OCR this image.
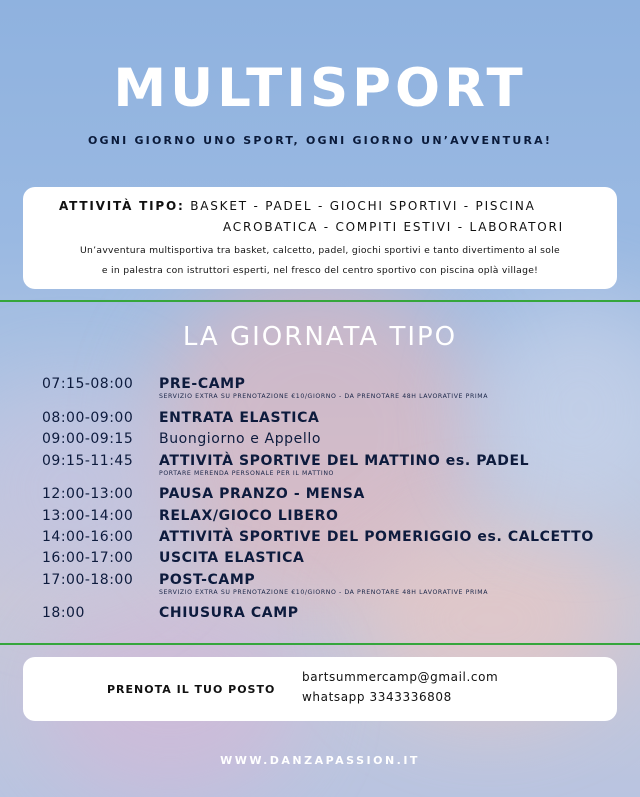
MULTISPORT

OGNI GIORNO UNO SPORT, OGNI GIORNO UN’AVVENTURA!

ATTIVITÀ TIPO: BASKET - PADEL - GIOCHI SPORTIVI - PISCINA
ACROBATICA - COMPITI ESTIVI - LABORATORI
Un’avventura multisportiva tra basket, calcetto, padel, giochi sportivi e tanto divertimento al sole
e in palestra con istruttori esperti, nel fresco del centro sportivo con piscina oplà village!
LA GIORNATA TIPO
07:15-08:00	PRE-CAMP
SERVIZIO EXTRA SU PRENOTAZIONE €10/GIORNO - DA PRENOTARE 48H LAVORATIVE PRIMA
08:00-09:00	ENTRATA ELASTICA
09:00-09:15	Buongiorno e Appello
09:15-11:45	ATTIVITÀ SPORTIVE DEL MATTINO es. PADEL
PORTARE MERENDA PERSONALE PER IL MATTINO
12:00-13:00	PAUSA PRANZO - MENSA
13:00-14:00	RELAX/GIOCO LIBERO
14:00-16:00	ATTIVITÀ SPORTIVE DEL POMERIGGIO es. CALCETTO
16:00-17:00	USCITA ELASTICA
17:00-18:00	POST-CAMP
SERVIZIO EXTRA SU PRENOTAZIONE €10/GIORNO - DA PRENOTARE 48H LAVORATIVE PRIMA
18:00	CHIUSURA CAMP
PRENOTA IL TUO POSTO
bartsummercamp@gmail.com
whatsapp 3343336808
WWW.DANZAPASSION.IT
